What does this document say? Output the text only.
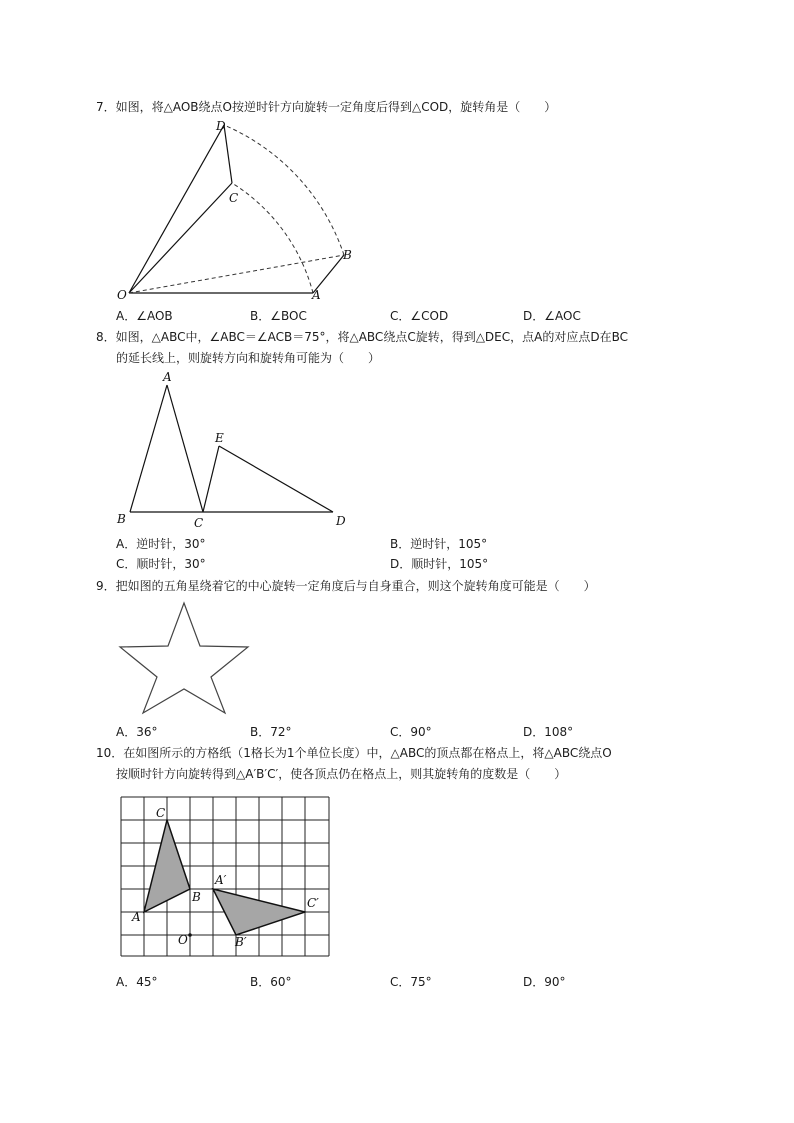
7．如图，将△AOB绕点O按逆时针方向旋转一定角度后得到△COD，旋转角是（　　）
D
C
B
O	A
A．∠AOB	B．∠BOC	C．∠COD	D．∠AOC
8．如图，△ABC中，∠ABC＝∠ACB＝75°，将△ABC绕点C旋转，得到△DEC，点A的对应点D在BC
的延长线上，则旋转方向和旋转角可能为（　　）
A
E
B	C	D
A．逆时针，30°	B．逆时针，105°
C．顺时针，30°	D．顺时针，105°
9．把如图的五角星绕着它的中心旋转一定角度后与自身重合，则这个旋转角度可能是（　　）
A．36°	B．72°	C．90°	D．108°
10．在如图所示的方格纸（1格长为1个单位长度）中，△ABC的顶点都在格点上，将△ABC绕点O
按顺时针方向旋转得到△A′B′C′，使各顶点仍在格点上，则其旋转角的度数是（　　）
C
A
B
O
A′
B′
C′
A．45°	B．60°	C．75°	D．90°
